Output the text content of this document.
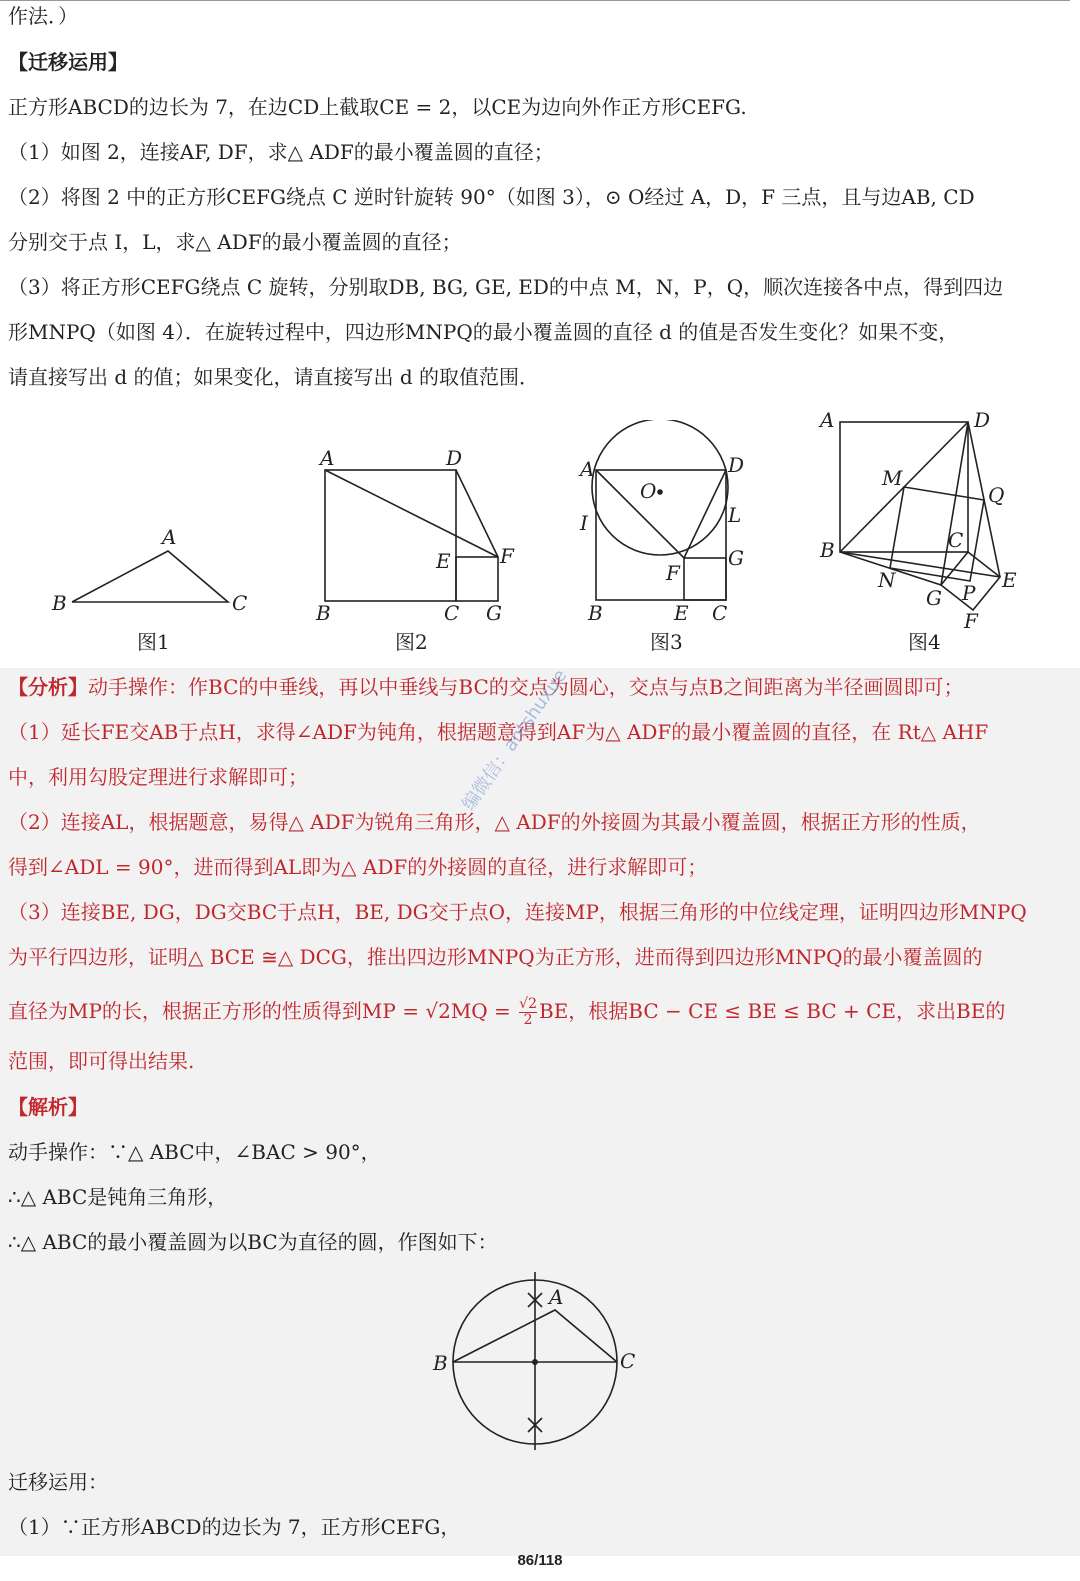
作法．）
【迁移运用】
正方形ABCD的边长为 7，在边CD上截取CE = 2，以CE为边向外作正方形CEFG.
（1）如图 2，连接AF, DF，求△ ADF的最小覆盖圆的直径；
（2）将图 2 中的正方形CEFG绕点 C 逆时针旋转 90°（如图 3），⊙ O经过 A，D，F 三点，且与边AB, CD
分别交于点 I，L，求△ ADF的最小覆盖圆的直径；
（3）将正方形CEFG绕点 C 旋转，分别取DB, BG, GE, ED的中点 M，N，P，Q，顺次连接各中点，得到四边
形MNPQ（如图 4）．在旋转过程中，四边形MNPQ的最小覆盖圆的直径 d 的值是否发生变化？如果不变，
请直接写出 d 的值；如果变化，请直接写出 d 的取值范围．
A
B	C
图1
A	D
E F
B	C G
图2
A	D
O
I	L
G
F
B	E C
图3
A	D
M
Q
C
B
N	E
G P
F
图4
【分析】动手操作：作BC的中垂线，再以中垂线与BC的交点为圆心，交点与点B之间距离为半径画圆即可；
（1）延长FE交AB于点H，求得∠ADF为钝角，根据题意得到AF为△ ADF的最小覆盖圆的直径，在 Rt△ AHF
中，利用勾股定理进行求解即可；
（2）连接AL，根据题意，易得△ ADF为锐角三角形，△ ADF的外接圆为其最小覆盖圆，根据正方形的性质，
得到∠ADL = 90°，进而得到AL即为△ ADF的外接圆的直径，进行求解即可；
（3）连接BE, DG，DG交BC于点H，BE, DG交于点O，连接MP，根据三角形的中位线定理，证明四边形MNPQ
为平行四边形，证明△ BCE ≅△ DCG，推出四边形MNPQ为正方形，进而得到四边形MNPQ的最小覆盖圆的
直径为MP的长，根据正方形的性质得到MP = $√2MQ = \frac{√2}{2}$ BE，根据BC − CE ≤ BE ≤ BC + CE，求出BE的
范围，即可得出结果.
编微信：antshuxue
【解析】
动手操作：∵△ ABC中，∠BAC > 90°，
∴△ ABC是钝角三角形，
∴△ ABC的最小覆盖圆为以BC为直径的圆，作图如下：
A
B	C
迁移运用：
（1）∵正方形ABCD的边长为 7，正方形CEFG，
86/118
